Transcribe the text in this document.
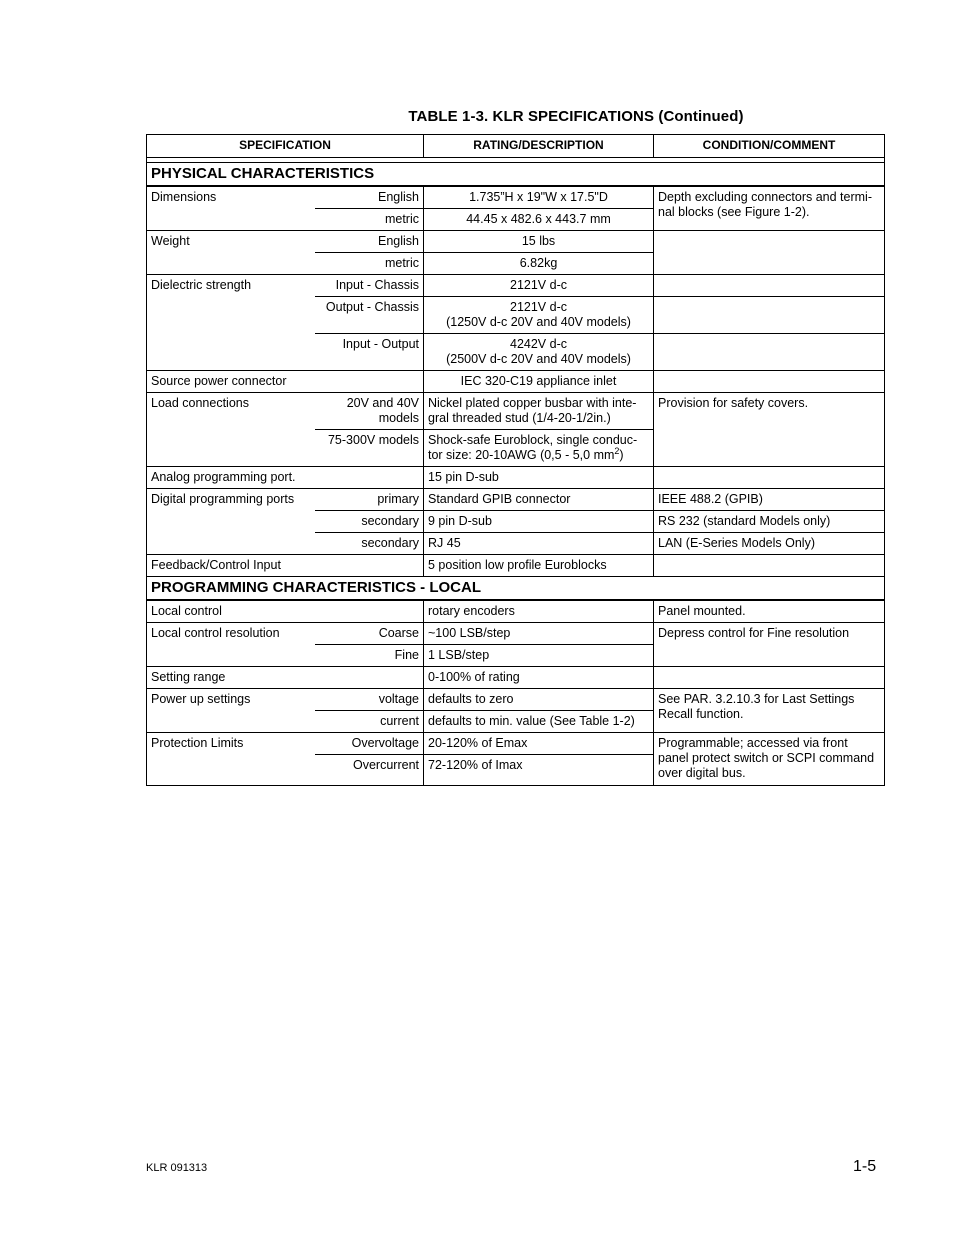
TABLE 1-3. KLR SPECIFICATIONS (Continued)
SPECIFICATION		RATING/DESCRIPTION	CONDITION/COMMENT

PHYSICAL CHARACTERISTICS			
Dimensions	English	1.735”H x 19"W x 17.5"D	Depth excluding connectors and termi-nal blocks (see Figure 1-2).
	metric	44.45 x 482.6 x 443.7 mm	
Weight	English	15 lbs	
	metric	6.82kg	
Dielectric strength	Input - Chassis	2121V d-c	
	Output - Chassis	2121V d-c
(1250V d-c 20V and 40V models)	

	Input - Output	4242V d-c
(2500V d-c 20V and 40V models)	

Source power connector		IEC 320-C19 appliance inlet	
Load connections	20V and 40V models	Nickel plated copper busbar with inte-gral threaded stud (1/4-20-1/2in.)	Provision for safety covers.
	75-300V models	Shock-safe Euroblock, single conduc-tor size: 20-10AWG (0,5 - 5,0 $mm^2$)	
Analog programming port.		15 pin D-sub	
Digital programming ports	primary	Standard GPIB connector	IEEE 488.2 (GPIB)
	secondary	9 pin D-sub	RS 232 (standard Models only)
	secondary	RJ 45	LAN (E-Series Models Only)
Feedback/Control Input		5 position low profile Euroblocks	
PROGRAMMING CHARACTERISTICS - LOCAL			
Local control		rotary encoders	Panel mounted.
Local control resolution	Coarse	~100 LSB/step	Depress control for Fine resolution
	Fine	1 LSB/step	
Setting range		0-100% of rating	
Power up settings	voltage	defaults to zero	See PAR. 3.2.10.3 for Last Settings Recall function.
	current	defaults to min. value (See Table 1-2)	
Protection Limits	Overvoltage	20-120% of Emax	Programmable; accessed via front panel protect switch or SCPI command over digital bus.
	Overcurrent	72-120% of Imax	
KLR 091313	1-5
